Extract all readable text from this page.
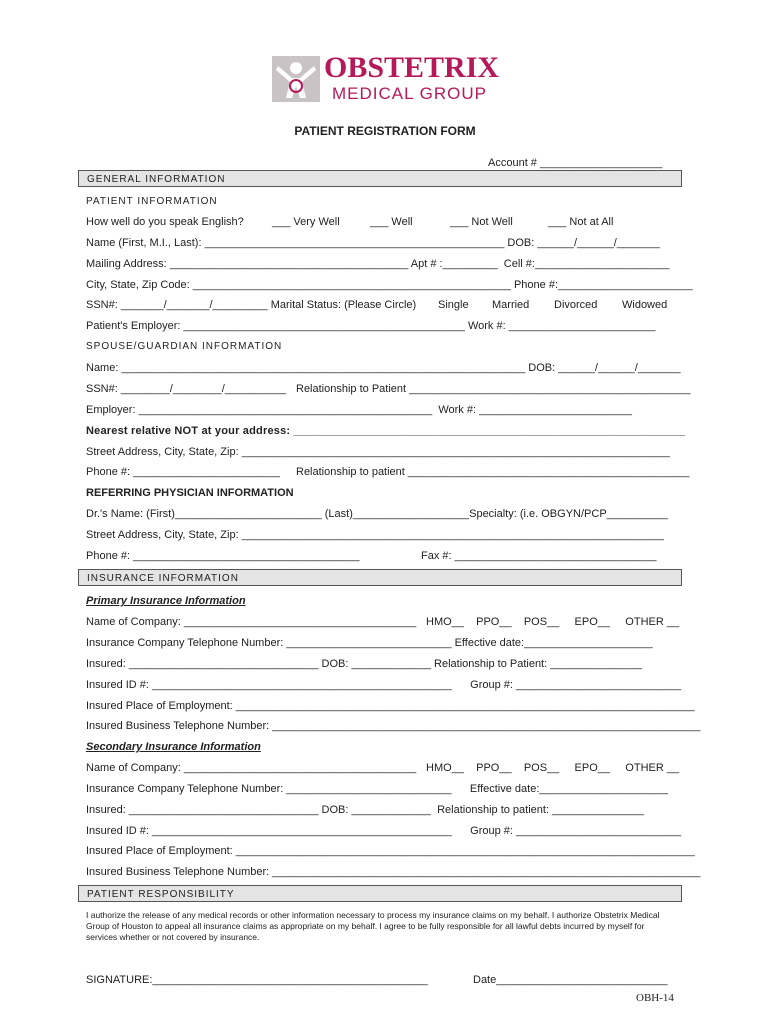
OBSTETRIX
MEDICAL GROUP
PATIENT REGISTRATION FORM
Account # ____________________
GENERAL INFORMATION
PATIENT INFORMATION
How well do you speak English?	___ Very Well	___ Well	___ Not Well	___ Not at All
Name (First, M.I., Last): _________________________________________________ DOB: ______/______/_______
Mailing Address: _______________________________________ Apt # :_________  Cell #:______________________
City, State, Zip Code: ____________________________________________________ Phone #:______________________
SSN#: _______/_______/_________ Marital Status: (Please Circle) Single Married Divorced Widowed
Patient's Employer: ______________________________________________ Work #: ________________________
SPOUSE/GUARDIAN INFORMATION
Name: __________________________________________________________________ DOB: ______/______/_______
SSN#: ________/________/__________ Relationship to Patient ______________________________________________
Employer: ________________________________________________  Work #: _________________________
Nearest relative NOT at your address: ______________________________________________________________
Street Address, City, State, Zip: ______________________________________________________________________
Phone #: ________________________ Relationship to patient ______________________________________________
REFERRING PHYSICIAN INFORMATION
Dr.'s Name: (First)________________________ (Last)___________________Specialty: (i.e. OBGYN/PCP__________
Street Address, City, State, Zip: _____________________________________________________________________
Phone #: _____________________________________	Fax #: _________________________________
INSURANCE INFORMATION
Primary Insurance Information
Name of Company: ______________________________________ HMO__    PPO__    POS__     EPO__     OTHER __
Insurance Company Telephone Number: ___________________________ Effective date:_____________________
Insured: _______________________________ DOB: _____________ Relationship to Patient: _______________
Insured ID #: _________________________________________________      Group #: ___________________________
Insured Place of Employment: ___________________________________________________________________________
Insured Business Telephone Number: ______________________________________________________________________
Secondary Insurance Information
Name of Company: ______________________________________ HMO__    PPO__    POS__     EPO__     OTHER __
Insurance Company Telephone Number: ___________________________      Effective date:_____________________
Insured: _______________________________ DOB: _____________  Relationship to patient: _______________
Insured ID #: _________________________________________________      Group #: ___________________________
Insured Place of Employment: ___________________________________________________________________________
Insured Business Telephone Number: ______________________________________________________________________
PATIENT RESPONSIBILITY
I authorize the release of any medical records or other information necessary to process my insurance claims on my behalf. I authorize Obstetrix Medical Group of Houston to appeal all insurance claims as appropriate on my behalf. I agree to be fully responsible for all lawful debts incurred by myself for services whether or not covered by insurance.
SIGNATURE:_____________________________________________	Date____________________________
OBH-14
